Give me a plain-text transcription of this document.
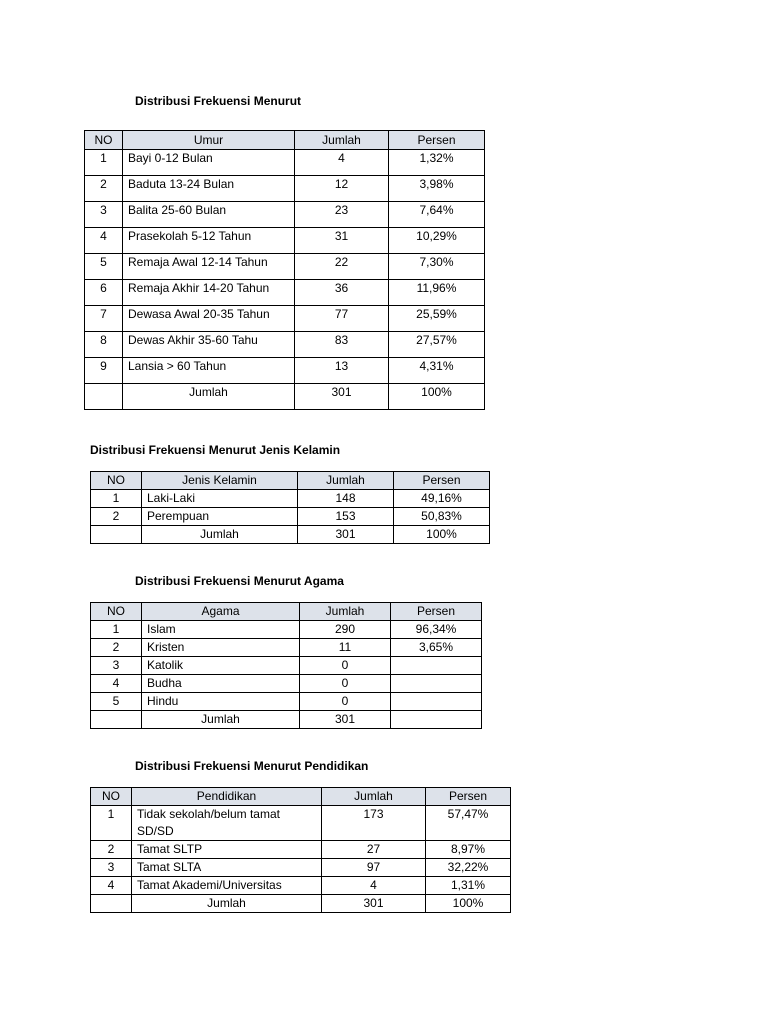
Distribusi Frekuensi Menurut
NO	Umur	Jumlah	Persen
1	Bayi 0-12 Bulan	4	1,32%
2	Baduta 13-24 Bulan	12	3,98%
3	Balita 25-60 Bulan	23	7,64%
4	Prasekolah 5-12 Tahun	31	10,29%
5	Remaja Awal 12-14 Tahun	22	7,30%
6	Remaja Akhir 14-20 Tahun	36	11,96%
7	Dewasa Awal 20-35 Tahun	77	25,59%
8	Dewas Akhir 35-60 Tahu	83	27,57%
9	Lansia > 60 Tahun	13	4,31%
	Jumlah	301	100%
Distribusi Frekuensi Menurut Jenis Kelamin
NO	Jenis Kelamin	Jumlah	Persen
1	Laki-Laki	148	49,16%
2	Perempuan	153	50,83%
	Jumlah	301	100%
Distribusi Frekuensi Menurut Agama
NO	Agama	Jumlah	Persen
1	Islam	290	96,34%
2	Kristen	11	3,65%
3	Katolik	0	
4	Budha	0	
5	Hindu	0	
	Jumlah	301	
Distribusi Frekuensi Menurut Pendidikan
NO	Pendidikan	Jumlah	Persen
1	Tidak sekolah/belum tamat SD/SD	173	57,47%
2	Tamat SLTP	27	8,97%
3	Tamat SLTA	97	32,22%
4	Tamat Akademi/Universitas	4	1,31%
	Jumlah	301	100%
